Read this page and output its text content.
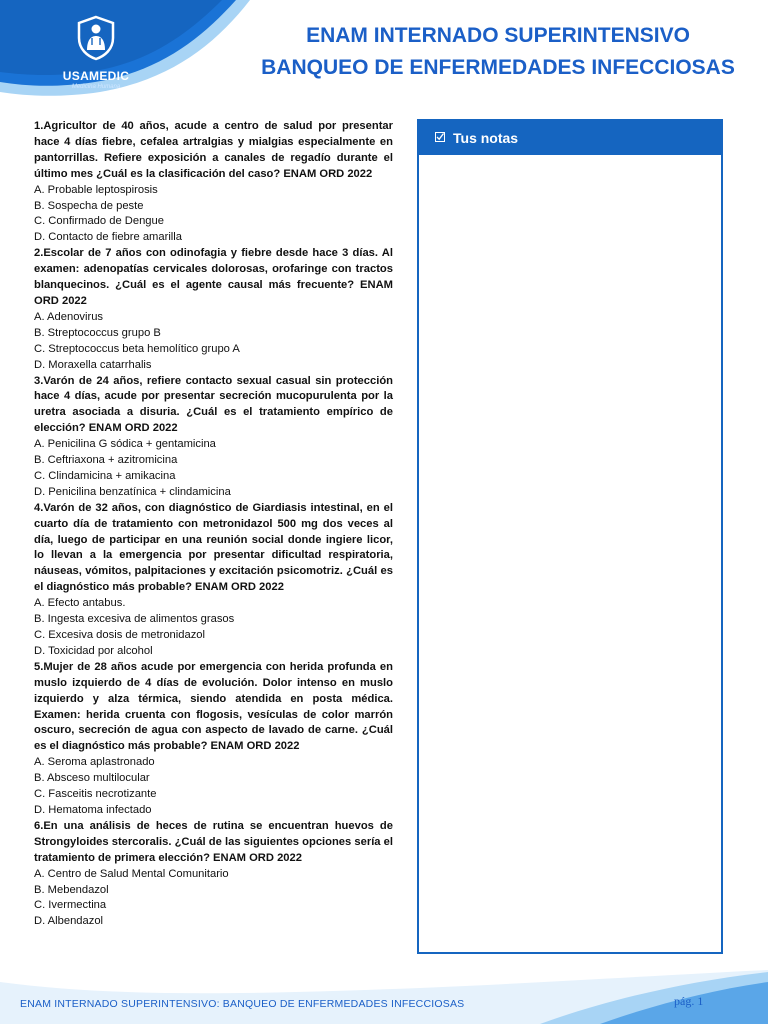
USAMEDIC
Medicina Humana
ENAM INTERNADO SUPERINTENSIVO
BANQUEO DE ENFERMEDADES INFECCIOSAS
1.Agricultor de 40 años, acude a centro de salud por presentar hace 4 días fiebre, cefalea artralgias y mialgias especialmente en pantorrillas. Refiere exposición a canales de regadío durante el último mes ¿Cuál es la clasificación del caso? ENAM ORD 2022
A. Probable leptospirosis
B. Sospecha de peste
C. Confirmado de Dengue
D. Contacto de fiebre amarilla
2.Escolar de 7 años con odinofagia y fiebre desde hace 3 días. Al examen: adenopatías cervicales dolorosas, orofaringe con tractos blanquecinos. ¿Cuál es el agente causal más frecuente? ENAM ORD 2022
A. Adenovirus
B. Streptococcus grupo B
C. Streptococcus beta hemolítico grupo A
D. Moraxella catarrhalis
3.Varón de 24 años, refiere contacto sexual casual sin protección hace 4 días, acude por presentar secreción mucopurulenta por la uretra asociada a disuria. ¿Cuál es el tratamiento empírico de elección? ENAM ORD 2022
A. Penicilina G sódica + gentamicina
B. Ceftriaxona + azitromicina
C. Clindamicina + amikacina
D. Penicilina benzatínica + clindamicina
4.Varón de 32 años, con diagnóstico de Giardiasis intestinal, en el cuarto día de tratamiento con metronidazol 500 mg dos veces al día, luego de participar en una reunión social donde ingiere licor, lo llevan a la emergencia por presentar dificultad respiratoria, náuseas, vómitos, palpitaciones y excitación psicomotriz. ¿Cuál es el diagnóstico más probable? ENAM ORD 2022
A. Efecto antabus.
B. Ingesta excesiva de alimentos grasos
C. Excesiva dosis de metronidazol
D. Toxicidad por alcohol
5.Mujer de 28 años acude por emergencia con herida profunda en muslo izquierdo de 4 días de evolución. Dolor intenso en muslo izquierdo y alza térmica, siendo atendida en posta médica. Examen: herida cruenta con flogosis, vesículas de color marrón oscuro, secreción de agua con aspecto de lavado de carne. ¿Cuál es el diagnóstico más probable? ENAM ORD 2022
A. Seroma aplastronado
B. Absceso multilocular
C. Fasceitis necrotizante
D. Hematoma infectado
6.En una análisis de heces de rutina se encuentran huevos de Strongyloides stercoralis. ¿Cuál de las siguientes opciones sería el tratamiento de primera elección? ENAM ORD 2022
A. Centro de Salud Mental Comunitario
B. Mebendazol
C. Ivermectina
D. Albendazol
Tus notas
ENAM INTERNADO SUPERINTENSIVO: BANQUEO DE ENFERMEDADES INFECCIOSAS	pág. 1
